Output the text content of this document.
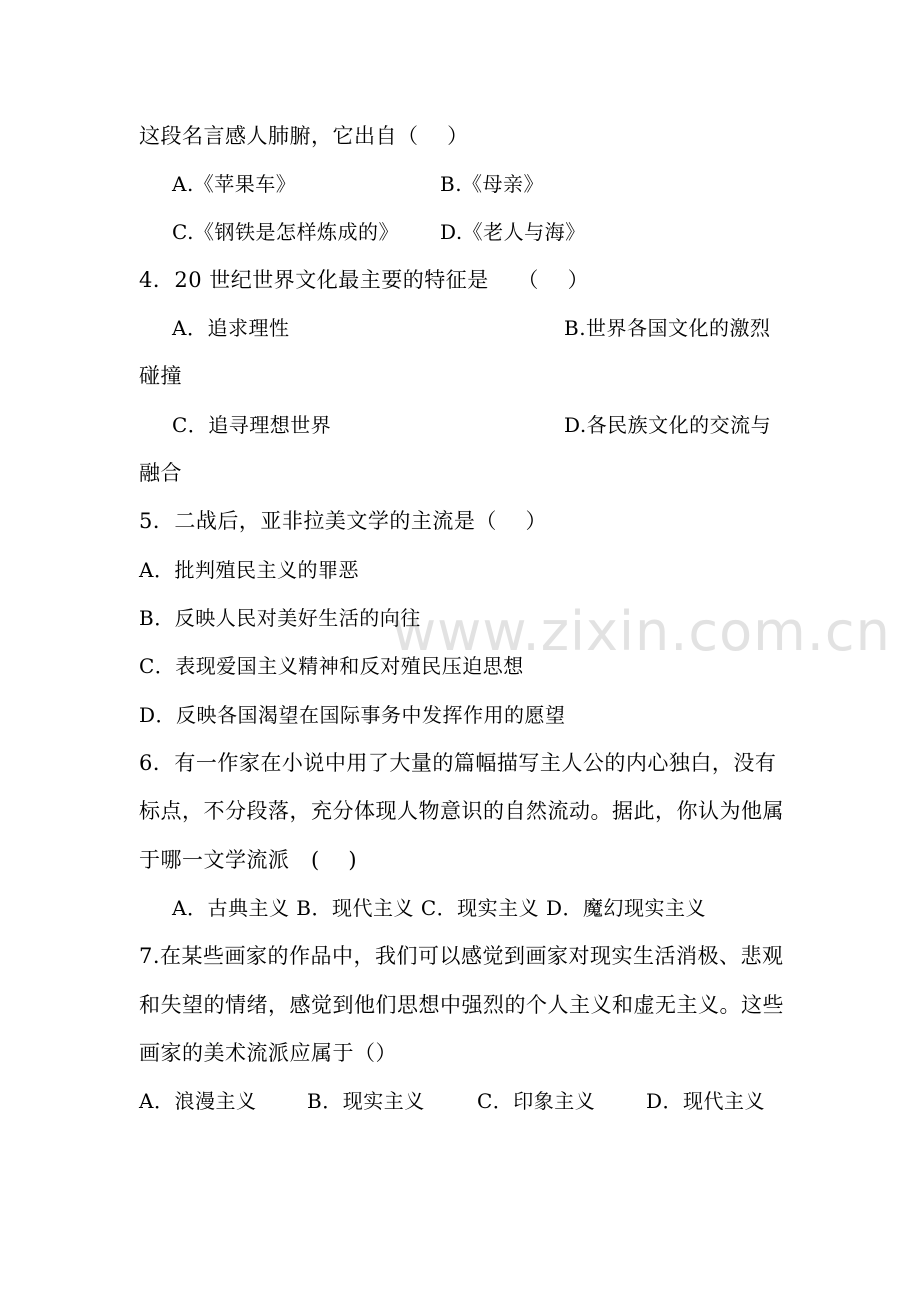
www.zixin.com.cn
这段名言感人肺腑，它出自（　 ）
A.《苹果车》	B.《母亲》
C.《钢铁是怎样炼成的》 D.《老人与海》
4．20 世纪世界文化最主要的特征是　 （　 ）
A．追求理性	B.世界各国文化的激烈
碰撞
C．追寻理想世界	D.各民族文化的交流与
融合
5．二战后，亚非拉美文学的主流是（　 ）
A．批判殖民主义的罪恶
B．反映人民对美好生活的向往
C．表现爱国主义精神和反对殖民压迫思想
D．反映各国渴望在国际事务中发挥作用的愿望
6．有一作家在小说中用了大量的篇幅描写主人公的内心独白，没有
标点，不分段落，充分体现人物意识的自然流动。据此，你认为他属
于哪一文学流派　( 　)
A．古典主义 B．现代主义 C．现实主义 D．魔幻现实主义
7.在某些画家的作品中，我们可以感觉到画家对现实生活消极、悲观
和失望的情绪，感觉到他们思想中强烈的个人主义和虚无主义。这些
画家的美术流派应属于（）
A．浪漫主义	B．现实主义	C．印象主义	D．现代主义
